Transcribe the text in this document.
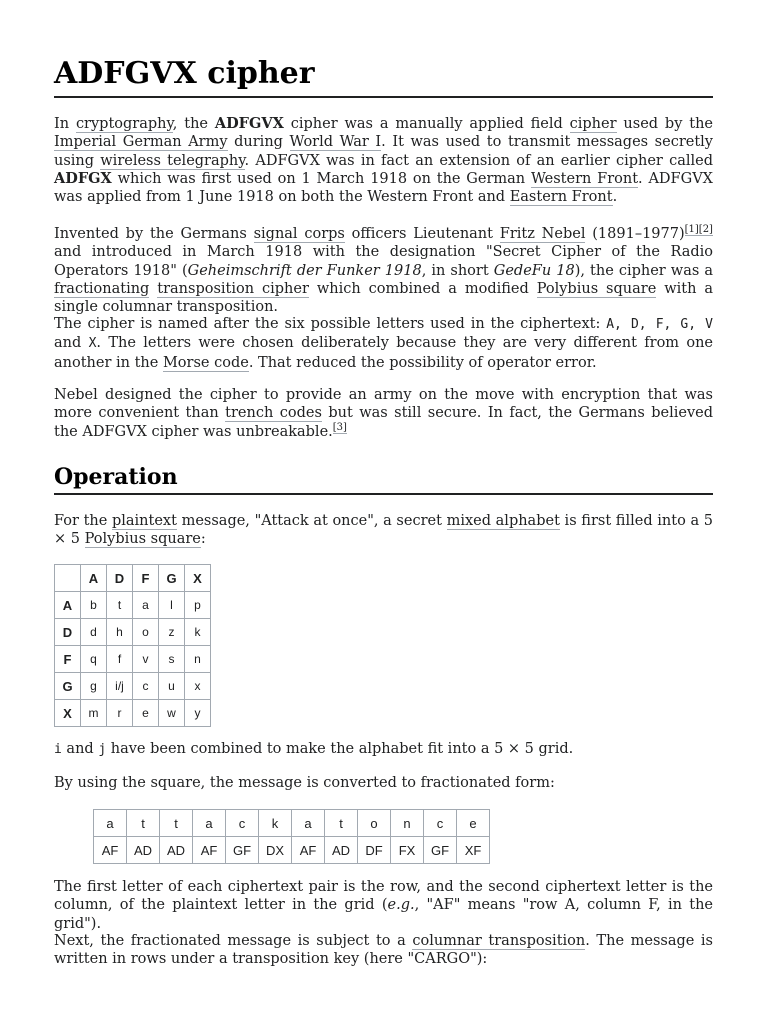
ADFGVX cipher
In cryptography, the ADFGVX cipher was a manually applied field cipher used by the Imperial German Army during World War I. It was used to transmit messages secretly using wireless telegraphy. ADFGVX was in fact an extension of an earlier cipher called ADFGX which was first used on 1 March 1918 on the German Western Front. ADFGVX was applied from 1 June 1918 on both the Western Front and Eastern Front.
Invented by the Germans signal corps officers Lieutenant Fritz Nebel (1891–1977)[1][2] and introduced in March 1918 with the designation "Secret Cipher of the Radio Operators 1918" (Geheimschrift der Funker 1918, in short GedeFu 18), the cipher was a fractionating transposition cipher which combined a modified Polybius square with a single columnar transposition.
The cipher is named after the six possible letters used in the ciphertext: A, D, F, G, V and X. The letters were chosen deliberately because they are very different from one another in the Morse code. That reduced the possibility of operator error.
Nebel designed the cipher to provide an army on the move with encryption that was more convenient than trench codes but was still secure. In fact, the Germans believed the ADFGVX cipher was unbreakable.[3]
Operation
For the plaintext message, "Attack at once", a secret mixed alphabet is first filled into a 5 × 5 Polybius square:
	A	D	F	G	X
A	b	t	a	l	p
D	d	h	o	z	k
F	q	f	v	s	n
G	g	i/j	c	u	x
X	m	r	e	w	y
i and j have been combined to make the alphabet fit into a 5 × 5 grid.
By using the square, the message is converted to fractionated form:
a	t	t	a	c	k	a	t	o	n	c	e
AF	AD	AD	AF	GF	DX	AF	AD	DF	FX	GF	XF
The first letter of each ciphertext pair is the row, and the second ciphertext letter is the column, of the plaintext letter in the grid (e.g., "AF" means "row A, column F, in the grid").
Next, the fractionated message is subject to a columnar transposition. The message is written in rows under a transposition key (here "CARGO"):
